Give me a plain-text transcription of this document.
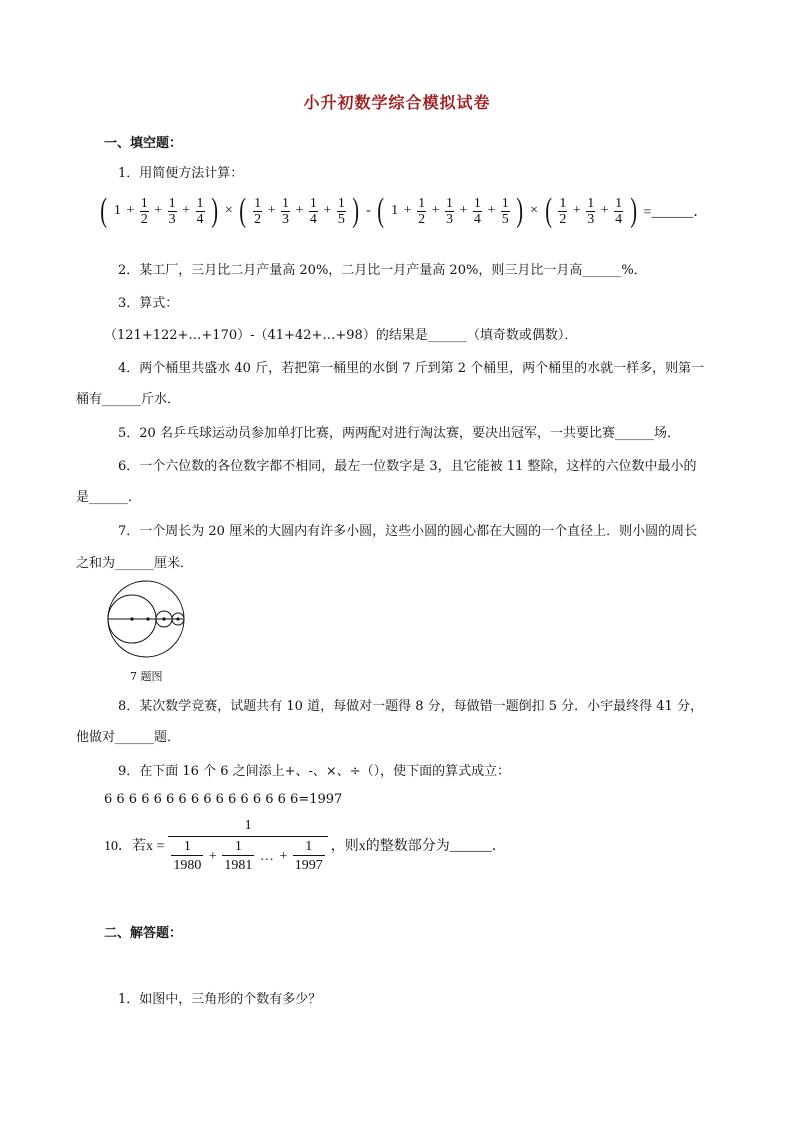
小升初数学综合模拟试卷
一、填空题：
1．用简便方法计算：
( $1 + \frac{1}{2} + \frac{1}{3} + \frac{1}{4}$ ) × ( $\frac{1}{2} + \frac{1}{3} + \frac{1}{4} + \frac{1}{5}$ ) - ( $1 + \frac{1}{2} + \frac{1}{3} + \frac{1}{4} + \frac{1}{5}$ ) × ( $\frac{1}{2} + \frac{1}{3} + \frac{1}{4}$ ) =______．
2．某工厂，三月比二月产量高 20%，二月比一月产量高 20%，则三月比一月高______%．
3．算式：
（121+122+…+170）-（41+42+…+98）的结果是______（填奇数或偶数）．
4．两个桶里共盛水 40 斤，若把第一桶里的水倒 7 斤到第 2 个桶里，两个桶里的水就一样多，则第一
桶有______斤水．
5．20 名乒乓球运动员参加单打比赛，两两配对进行淘汰赛，要决出冠军，一共要比赛______场．
6．一个六位数的各位数字都不相同，最左一位数字是 3，且它能被 11 整除，这样的六位数中最小的
是______．
7．一个周长为 20 厘米的大圆内有许多小圆，这些小圆的圆心都在大圆的一个直径上．则小圆的周长
之和为______厘米．
7 题图
8．某次数学竞赛，试题共有 10 道，每做对一题得 8 分，每做错一题倒扣 5 分．小宇最终得 41 分，
他做对______题．
9．在下面 16 个 6 之间添上+、-、×、÷（），使下面的算式成立：
6 6 6 6 6 6 6 6 6 6 6 6 6 6 6 6=1997
10．若$x = \frac{1}{\frac{1}{1980} + \frac{1}{1981} \dots + \frac{1}{1997}}$ ，则x的整数部分为______．
二、解答题：
1．如图中，三角形的个数有多少？
